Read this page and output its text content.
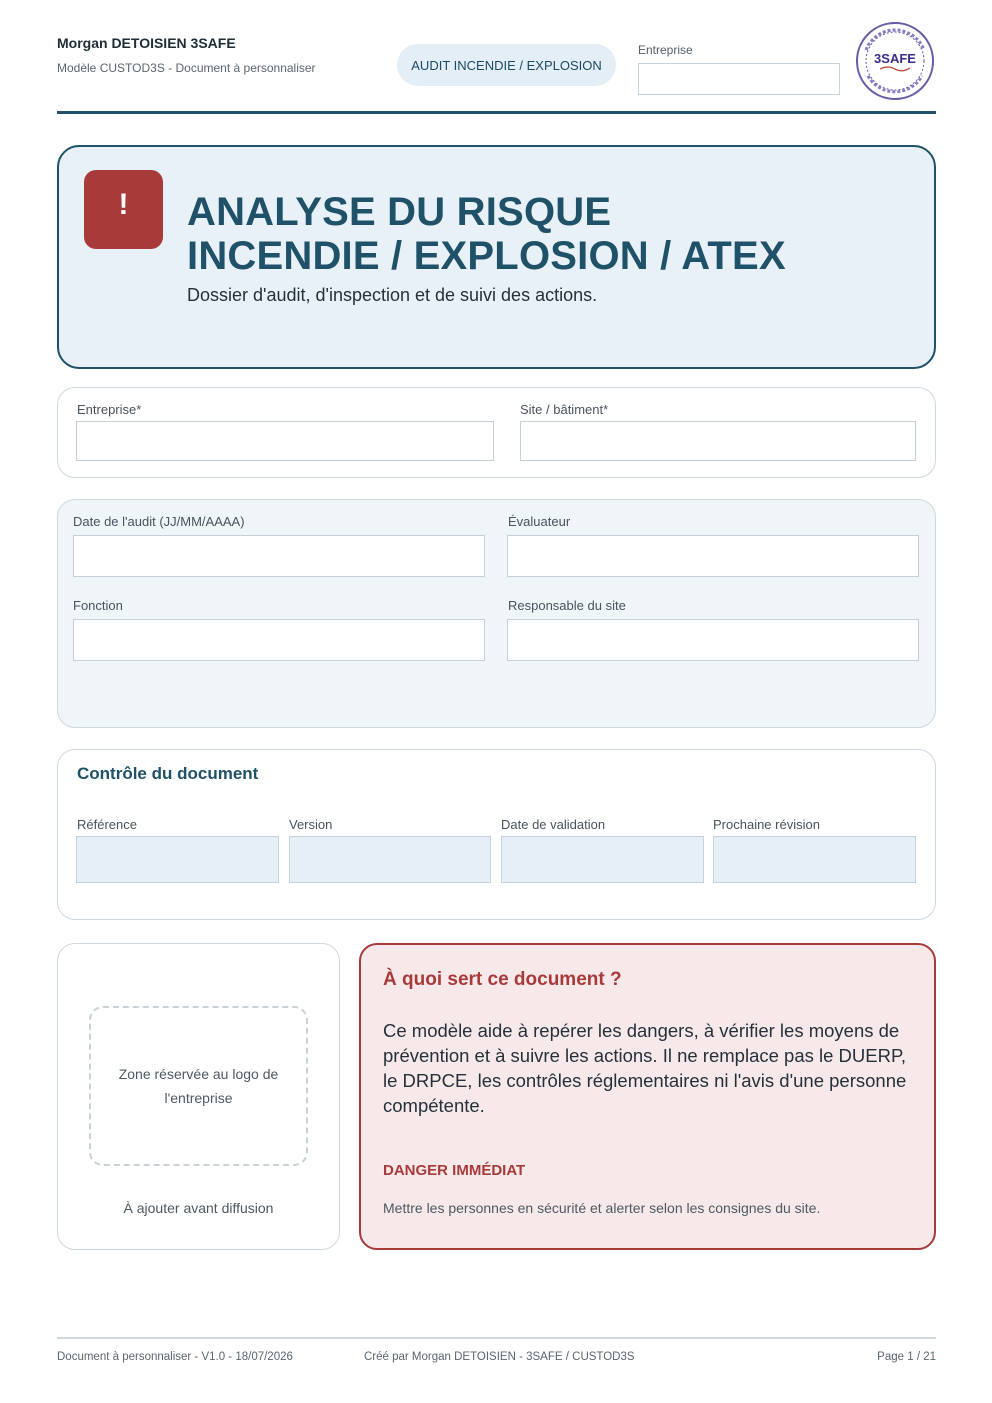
Morgan DETOISIEN 3SAFE
Modèle CUSTOD3S - Document à personnaliser	AUDIT INCENDIE / EXPLOSION
Entreprise
3SAFE
!	ANALYSE DU RISQUE
INCENDIE / EXPLOSION / ATEX
Dossier d'audit, d'inspection et de suivi des actions.
Entreprise*	Site / bâtiment*
Date de l'audit (JJ/MM/AAAA)	Évaluateur
Fonction	Responsable du site
Contrôle du document
Référence	Version	Date de validation	Prochaine révision
Zone réservée au logo de l'entreprise
À ajouter avant diffusion
À quoi sert ce document ?
Ce modèle aide à repérer les dangers, à vérifier les moyens de prévention et à suivre les actions. Il ne remplace pas le DUERP, le DRPCE, les contrôles réglementaires ni l'avis d'une personne compétente.
DANGER IMMÉDIAT
Mettre les personnes en sécurité et alerter selon les consignes du site.
Document à personnaliser - V1.0 - 18/07/2026	Créé par Morgan DETOISIEN - 3SAFE / CUSTOD3S	Page 1 / 21
